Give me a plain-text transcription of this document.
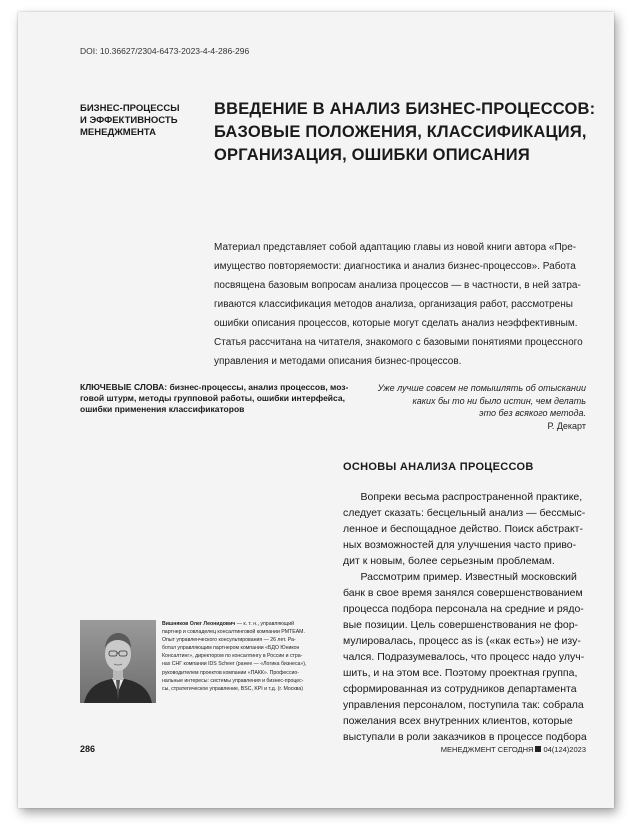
DOI: 10.36627/2304-6473-2023-4-4-286-296
БИЗНЕС-ПРОЦЕССЫ
И ЭФФЕКТИВНОСТЬ
МЕНЕДЖМЕНТА
ВВЕДЕНИЕ В АНАЛИЗ БИЗНЕС-ПРОЦЕССОВ:
БАЗОВЫЕ ПОЛОЖЕНИЯ, КЛАССИФИКАЦИЯ,
ОРГАНИЗАЦИЯ, ОШИБКИ ОПИСАНИЯ
Материал представляет собой адаптацию главы из новой книги автора «Пре-
имущество повторяемости: диагностика и анализ бизнес-процессов». Работа
посвящена базовым вопросам анализа процессов — в частности, в ней затра-
гиваются классификация методов анализа, организация работ, рассмотрены
ошибки описания процессов, которые могут сделать анализ неэффективным.
Статья рассчитана на читателя, знакомого с базовыми понятиями процессного
управления и методами описания бизнес-процессов.
КЛЮЧЕВЫЕ СЛОВА: бизнес-процессы, анализ процессов, моз-
говой штурм, методы групповой работы, ошибки интерфейса,
ошибки применения классификаторов
Уже лучше совсем не помышлять об отыскании
каких бы то ни было истин, чем делать
это без всякого метода.
Р. Декарт
ОСНОВЫ АНАЛИЗА ПРОЦЕССОВ
Вопреки весьма распространенной практике,
следует сказать: бесцельный анализ — бессмыс-
ленное и беспощадное действо. Поиск абстракт-
ных возможностей для улучшения часто приво-
дит к новым, более серьезным проблемам.
Рассмотрим пример. Известный московский
банк в свое время занялся совершенствованием
процесса подбора персонала на средние и рядо-
вые позиции. Цель совершенствования не фор-
мулировалась, процесс as is («как есть») не изу-
чался. Подразумевалось, что процесс надо улуч-
шить, и на этом все. Поэтому проектная группа,
сформированная из сотрудников департамента
управления персоналом, поступила так: собрала
пожелания всех внутренних клиентов, которые
выступали в роли заказчиков в процессе подбора
Вишняков Олег Леонидович — к. т. н., управляющий
партнер и совладелец консалтинговой компании PMTEAM.
Опыт управленческого консультирования — 26 лет. Ра-
ботал управляющим партнером компании «БДО Юникон
Консалтинг», директором по консалтингу в России и стра-
нах СНГ компании IDS Scheer (ранее — «Логика бизнеса»),
руководителем проектов компании «ПАКК». Профессио-
нальные интересы: системы управления и бизнес-процес-
сы, стратегическое управление, BSC, KPI и т.д. (г. Москва)
286	МЕНЕДЖМЕНТ СЕГОДНЯ 04(124)2023
